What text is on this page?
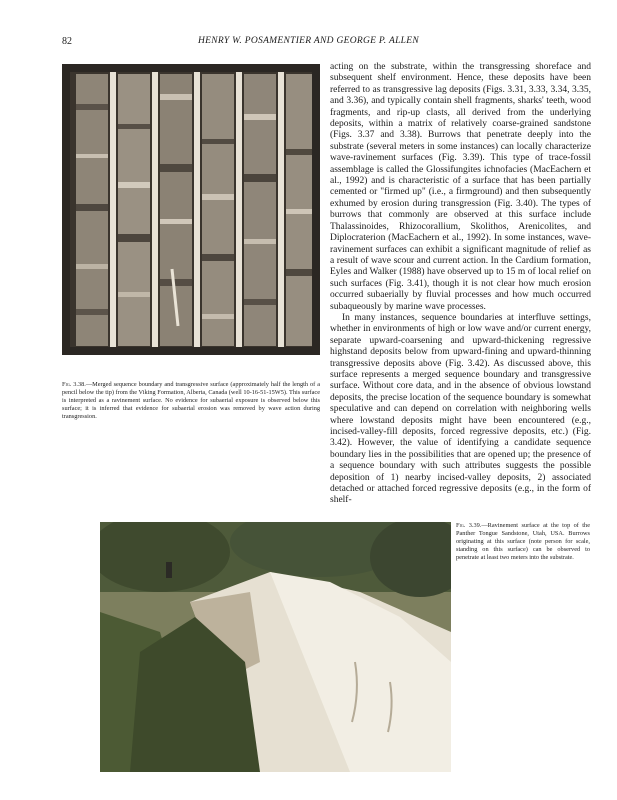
82	HENRY W. POSAMENTIER AND GEORGE P. ALLEN
Fig. 3.38.—Merged sequence boundary and transgressive surface (approximately half the length of a pencil below the tip) from the Viking Formation, Alberta, Canada (well 10-16-51-15W5). This surface is interpreted as a ravinement surface. No evidence for subaerial exposure is observed below this surface; it is inferred that evidence for subaerial erosion was removed by wave action during transgression.

acting on the substrate, within the transgressing shoreface and subsequent shelf environment. Hence, these deposits have been referred to as transgressive lag deposits (Figs. 3.31, 3.33, 3.34, 3.35, and 3.36), and typically contain shell fragments, sharks' teeth, wood fragments, and rip-up clasts, all derived from the underlying deposits, within a matrix of relatively coarse-grained sandstone (Figs. 3.37 and 3.38). Burrows that penetrate deeply into the substrate (several meters in some instances) can locally characterize wave-ravinement surfaces (Fig. 3.39). This type of trace-fossil assemblage is called the Glossifungites ichnofacies (MacEachern et al., 1992) and is characteristic of a surface that has been partially cemented or "firmed up" (i.e., a firmground) and then subsequently exhumed by erosion during transgression (Fig. 3.40). The types of burrows that commonly are observed at this surface include Thalassinoides, Rhizocorallium, Skolithos, Arenicolites, and Diplocraterion (MacEachern et al., 1992). In some instances, wave-ravinement surfaces can exhibit a significant magnitude of relief as a result of wave scour and current action. In the Cardium formation, Eyles and Walker (1988) have observed up to 15 m of local relief on such surfaces (Fig. 3.41), though it is not clear how much erosion occurred subaerially by fluvial processes and how much occurred subaqueously by marine wave processes.

In many instances, sequence boundaries at interfluve settings, whether in environments of high or low wave and/or current energy, separate upward-coarsening and upward-thickening regressive highstand deposits below from upward-fining and upward-thinning transgressive deposits above (Fig. 3.42). As discussed above, this surface represents a merged sequence boundary and transgressive surface. Without core data, and in the absence of obvious lowstand deposits, the precise location of the sequence boundary is somewhat speculative and can depend on correlation with neighboring wells where lowstand deposits might have been encountered (e.g., incised-valley-fill deposits, forced regressive deposits, etc.) (Fig. 3.42). However, the value of identifying a candidate sequence boundary lies in the possibilities that are opened up; the presence of a sequence boundary with such attributes suggests the possible deposition of 1) nearby incised-valley deposits, 2) associated detached or attached forced regressive deposits (e.g., in the form of shelf-

Fig. 3.39.—Ravinement surface at the top of the Panther Tongue Sandstone, Utah, USA. Burrows originating at this surface (note person for scale, standing on this surface) can be observed to penetrate at least two meters into the substrate.
